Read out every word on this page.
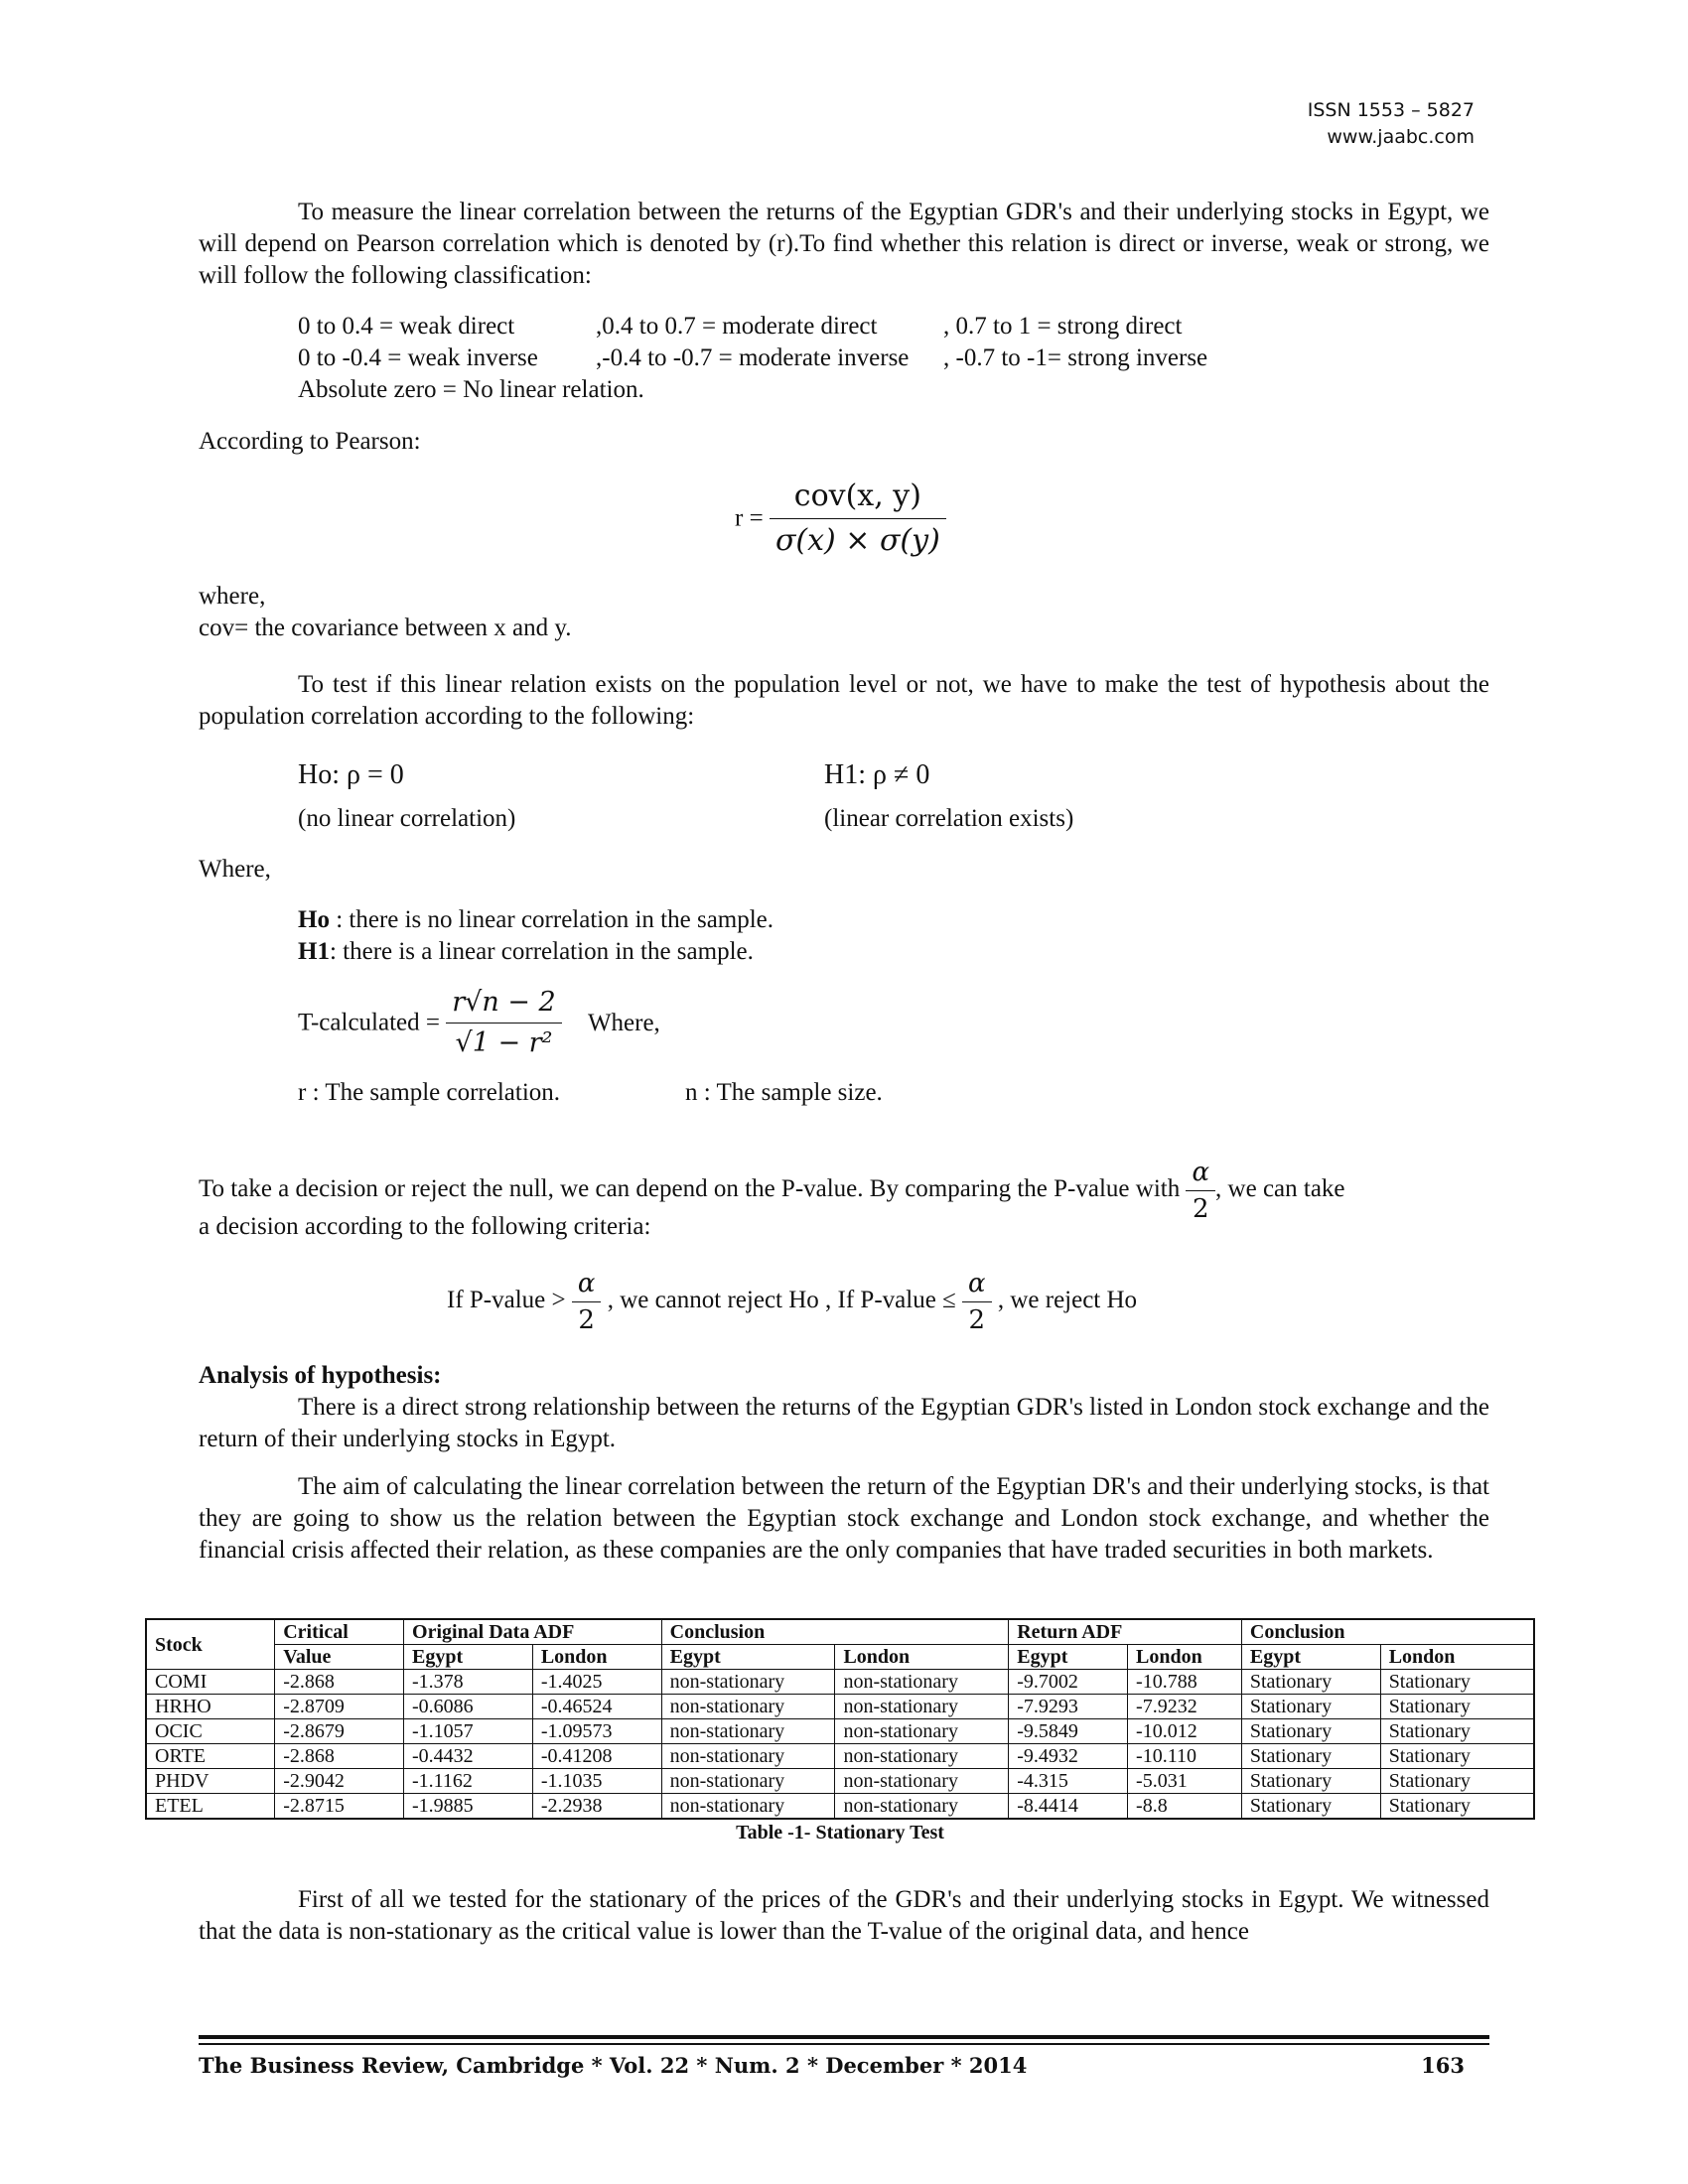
ISSN 1553 – 5827
www.jaabc.com
To measure the linear correlation between the returns of the Egyptian GDR's and their underlying stocks in Egypt, we will depend on Pearson correlation which is denoted by (r).To find whether this relation is direct or inverse, weak or strong, we will follow the following classification:
0 to 0.4 = weak direct	,0.4 to 0.7 = moderate direct	, 0.7 to 1 = strong direct
0 to -0.4 = weak inverse ,-0.4 to -0.7 = moderate inverse , -0.7 to -1= strong inverse
Absolute zero = No linear relation.
According to Pearson:
$r = \frac{\text{cov(x, y)}}{\sigma(x) \times \sigma(y)}$
where,
cov= the covariance between x and y.
To test if this linear relation exists on the population level or not, we have to make the test of hypothesis about the population correlation according to the following:
Ho: ρ = 0	H1: ρ ≠ 0
(no linear correlation)	(linear correlation exists)
Where,
Ho : there is no linear correlation in the sample.
H1: there is a linear correlation in the sample.
T-calculated = $\frac{r√n - 2}{\text{√1 − r²}}$ Where,
r : The sample correlation.	n : The sample size.
To take a decision or reject the null, we can depend on the P-value. By comparing the P-value with $\frac{\alpha}{2}$ , we can take
a decision according to the following criteria:
If P-value > $\frac{\alpha}{2}$ , we cannot reject Ho , If P-value ≤ $\frac{\alpha}{2}$ , we reject Ho
Analysis of hypothesis:
There is a direct strong relationship between the returns of the Egyptian GDR's listed in London stock exchange and the return of their underlying stocks in Egypt.
The aim of calculating the linear correlation between the return of the Egyptian DR's and their underlying stocks, is that they are going to show us the relation between the Egyptian stock exchange and London stock exchange, and whether the financial crisis affected their relation, as these companies are the only companies that have traded securities in both markets.
Stock	Critical	Original Data ADF		Conclusion		Return ADF		Conclusion	
	Value	Egypt	London	Egypt	London	Egypt	London	Egypt	London
COMI	-2.868	-1.378	-1.4025	non-stationary	non-stationary	-9.7002	-10.788	Stationary	Stationary
HRHO	-2.8709	-0.6086	-0.46524	non-stationary	non-stationary	-7.9293	-7.9232	Stationary	Stationary
OCIC	-2.8679	-1.1057	-1.09573	non-stationary	non-stationary	-9.5849	-10.012	Stationary	Stationary
ORTE	-2.868	-0.4432	-0.41208	non-stationary	non-stationary	-9.4932	-10.110	Stationary	Stationary
PHDV	-2.9042	-1.1162	-1.1035	non-stationary	non-stationary	-4.315	-5.031	Stationary	Stationary
ETEL	-2.8715	-1.9885	-2.2938	non-stationary	non-stationary	-8.4414	-8.8	Stationary	Stationary
Table -1- Stationary Test
First of all we tested for the stationary of the prices of the GDR's and their underlying stocks in Egypt. We witnessed that the data is non-stationary as the critical value is lower than the T-value of the original data, and hence
The Business Review, Cambridge * Vol. 22 * Num. 2 * December * 2014	163
